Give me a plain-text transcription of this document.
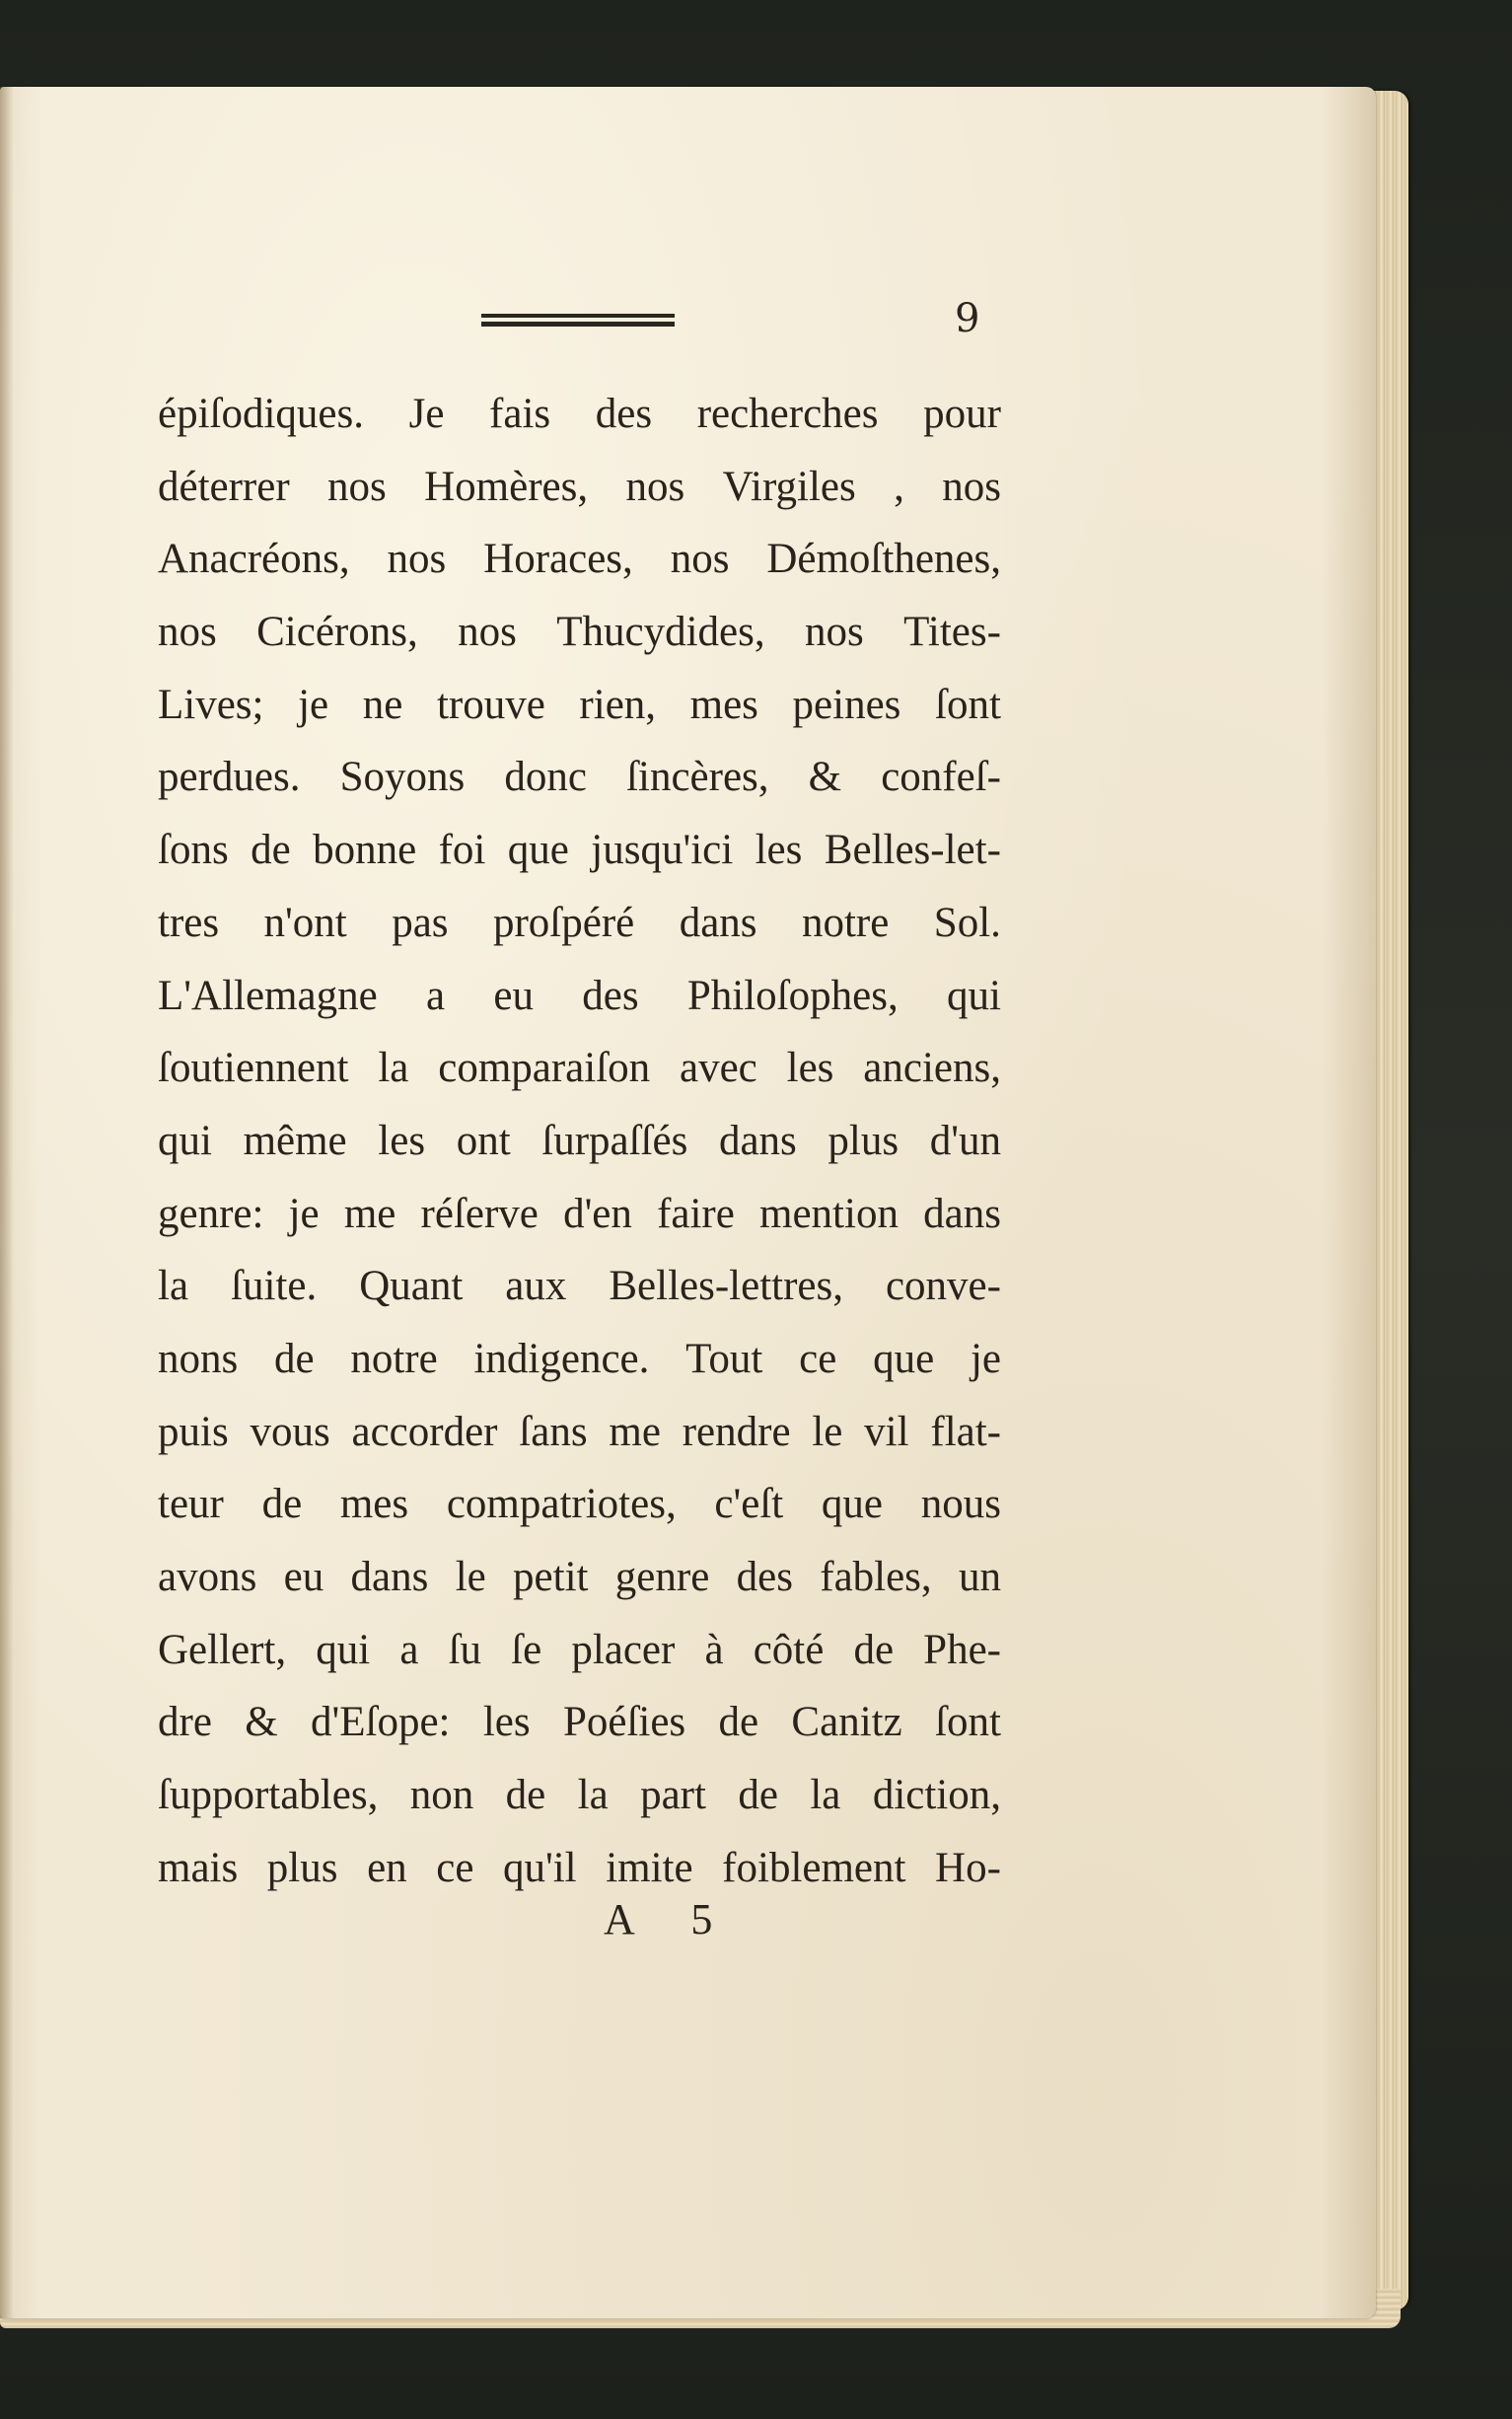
9
épiſodiques. Je fais des recherches pour
déterrer nos Homères, nos Virgiles , nos
Anacréons, nos Horaces, nos Démoſthenes,
nos Cicérons, nos Thucydides, nos Tites-
Lives; je ne trouve rien, mes peines ſont
perdues. Soyons donc ſincères, & confeſ-
ſons de bonne foi que jusqu'ici les Belles-let-
tres n'ont pas proſpéré dans notre Sol.
L'Allemagne a eu des Philoſophes, qui
ſoutiennent la comparaiſon avec les anciens,
qui même les ont ſurpaſſés dans plus d'un
genre: je me réſerve d'en faire mention dans
la ſuite. Quant aux Belles-lettres, conve-
nons de notre indigence. Tout ce que je
puis vous accorder ſans me rendre le vil flat-
teur de mes compatriotes, c'eſt que nous
avons eu dans le petit genre des fables, un
Gellert, qui a ſu ſe placer à côté de Phe-
dre & d'Eſope: les Poéſies de Canitz ſont
ſupportables, non de la part de la diction,
mais plus en ce qu'il imite foiblement Ho-
A 5
